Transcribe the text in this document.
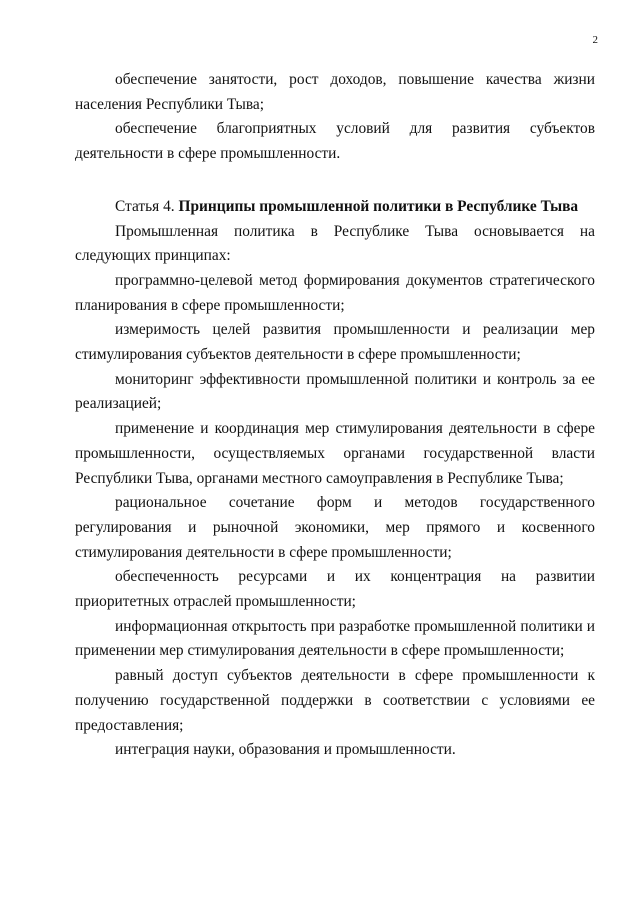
2

обеспечение занятости, рост доходов, повышение качества жизни населения Республики Тыва;

обеспечение благоприятных условий для развития субъектов деятельности в сфере промышленности.

Статья 4. Принципы промышленной политики в Республике Тыва

Промышленная политика в Республике Тыва основывается на следующих принципах:

программно-целевой метод формирования документов стратегического планирования в сфере промышленности;

измеримость целей развития промышленности и реализации мер стимулирования субъектов деятельности в сфере промышленности;

мониторинг эффективности промышленной политики и контроль за ее реализацией;

применение и координация мер стимулирования деятельности в сфере промышленности, осуществляемых органами государственной власти Республики Тыва, органами местного самоуправления в Республике Тыва;

рациональное сочетание форм и методов государственного регулирования и рыночной экономики, мер прямого и косвенного стимулирования деятельности в сфере промышленности;

обеспеченность ресурсами и их концентрация на развитии приоритетных отраслей промышленности;

информационная открытость при разработке промышленной политики и применении мер стимулирования деятельности в сфере промышленности;

равный доступ субъектов деятельности в сфере промышленности к получению государственной поддержки в соответствии с условиями ее предоставления;

интеграция науки, образования и промышленности.
